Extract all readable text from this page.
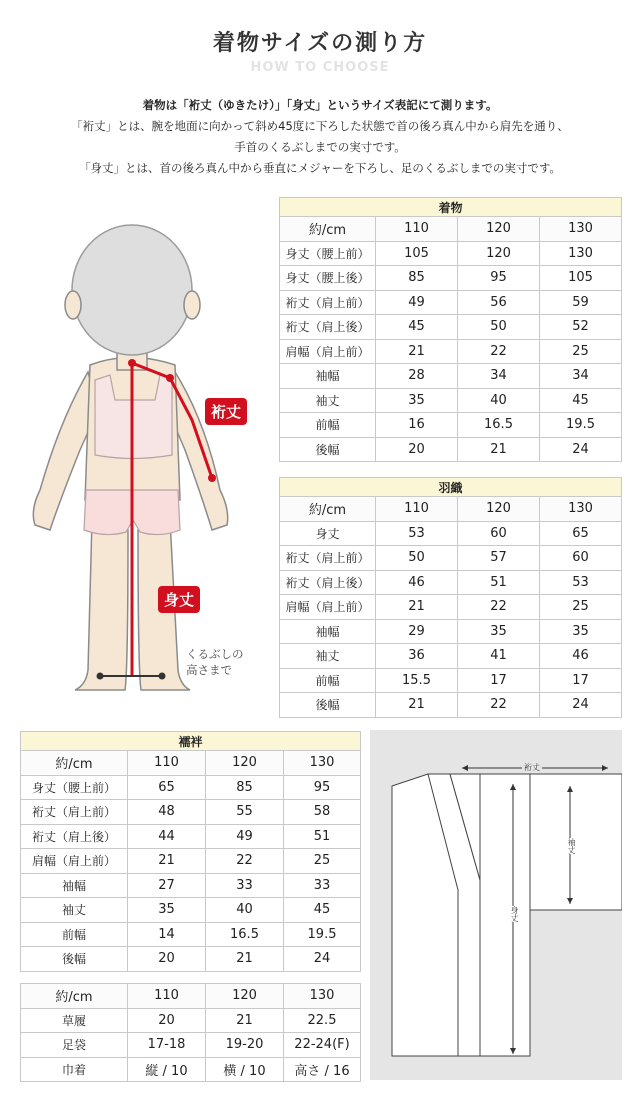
着物サイズの測り方
HOW TO CHOOSE
着物は「裄丈（ゆきたけ）」「身丈」というサイズ表記にて測ります。
「裄丈」とは、腕を地面に向かって斜め45度に下ろした状態で首の後ろ真ん中から肩先を通り、
手首のくるぶしまでの実寸です。
「身丈」とは、首の後ろ真ん中から垂直にメジャーを下ろし、足のくるぶしまでの実寸です。
裄丈
身丈
くるぶしの
高さまで
着物			
約/cm	110	120	130
身丈（腰上前）	105	120	130
身丈（腰上後）	85	95	105
裄丈（肩上前）	49	56	59
裄丈（肩上後）	45	50	52
肩幅（肩上前）	21	22	25
袖幅	28	34	34
袖丈	35	40	45
前幅	16	16.5	19.5
後幅	20	21	24
羽織			
約/cm	110	120	130
身丈	53	60	65
裄丈（肩上前）	50	57	60
裄丈（肩上後）	46	51	53
肩幅（肩上前）	21	22	25
袖幅	29	35	35
袖丈	36	41	46
前幅	15.5	17	17
後幅	21	22	24
襦袢			
約/cm	110	120	130
身丈（腰上前）	65	85	95
裄丈（肩上前）	48	55	58
裄丈（肩上後）	44	49	51
肩幅（肩上前）	21	22	25
袖幅	27	33	33
袖丈	35	40	45
前幅	14	16.5	19.5
後幅	20	21	24
約/cm	110	120	130
草履	20	21	22.5
足袋	17-18	19-20	22-24(F)
巾着	縦 / 10	横 / 10	高さ / 16
裄丈
袖丈
身丈
